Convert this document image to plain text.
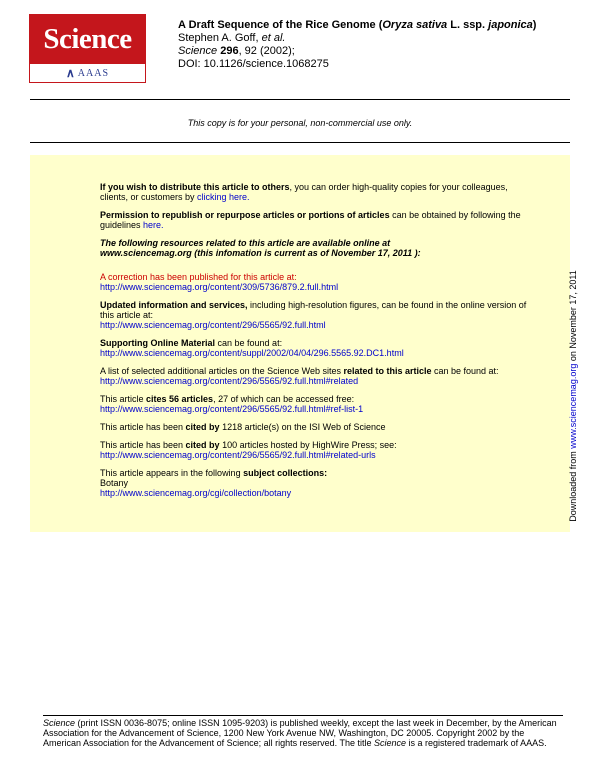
Science
∧ AAAS
A Draft Sequence of the Rice Genome (Oryza sativa L. ssp. japonica)
Stephen A. Goff, et al.
Science 296, 92 (2002);
DOI: 10.1126/science.1068275
This copy is for your personal, non-commercial use only.

If you wish to distribute this article to others, you can order high-quality copies for your colleagues, clients, or customers by clicking here.

Permission to republish or repurpose articles or portions of articles can be obtained by following the guidelines here.

The following resources related to this article are available online at
www.sciencemag.org (this infomation is current as of November 17, 2011 ):

A correction has been published for this article at:
http://www.sciencemag.org/content/309/5736/879.2.full.html

Updated information and services, including high-resolution figures, can be found in the online version of this article at:
http://www.sciencemag.org/content/296/5565/92.full.html

Supporting Online Material can be found at:
http://www.sciencemag.org/content/suppl/2002/04/04/296.5565.92.DC1.html

A list of selected additional articles on the Science Web sites related to this article can be found at:
http://www.sciencemag.org/content/296/5565/92.full.html#related

This article cites 56 articles, 27 of which can be accessed free:
http://www.sciencemag.org/content/296/5565/92.full.html#ref-list-1

This article has been cited by 1218 article(s) on the ISI Web of Science

This article has been cited by 100 articles hosted by HighWire Press; see:
http://www.sciencemag.org/content/296/5565/92.full.html#related-urls

This article appears in the following subject collections:
Botany
http://www.sciencemag.org/cgi/collection/botany	Downloaded from www.sciencemag.org on November 17, 2011
Science (print ISSN 0036-8075; online ISSN 1095-9203) is published weekly, except the last week in December, by the American Association for the Advancement of Science, 1200 New York Avenue NW, Washington, DC 20005. Copyright 2002 by the American Association for the Advancement of Science; all rights reserved. The title Science is a registered trademark of AAAS.
